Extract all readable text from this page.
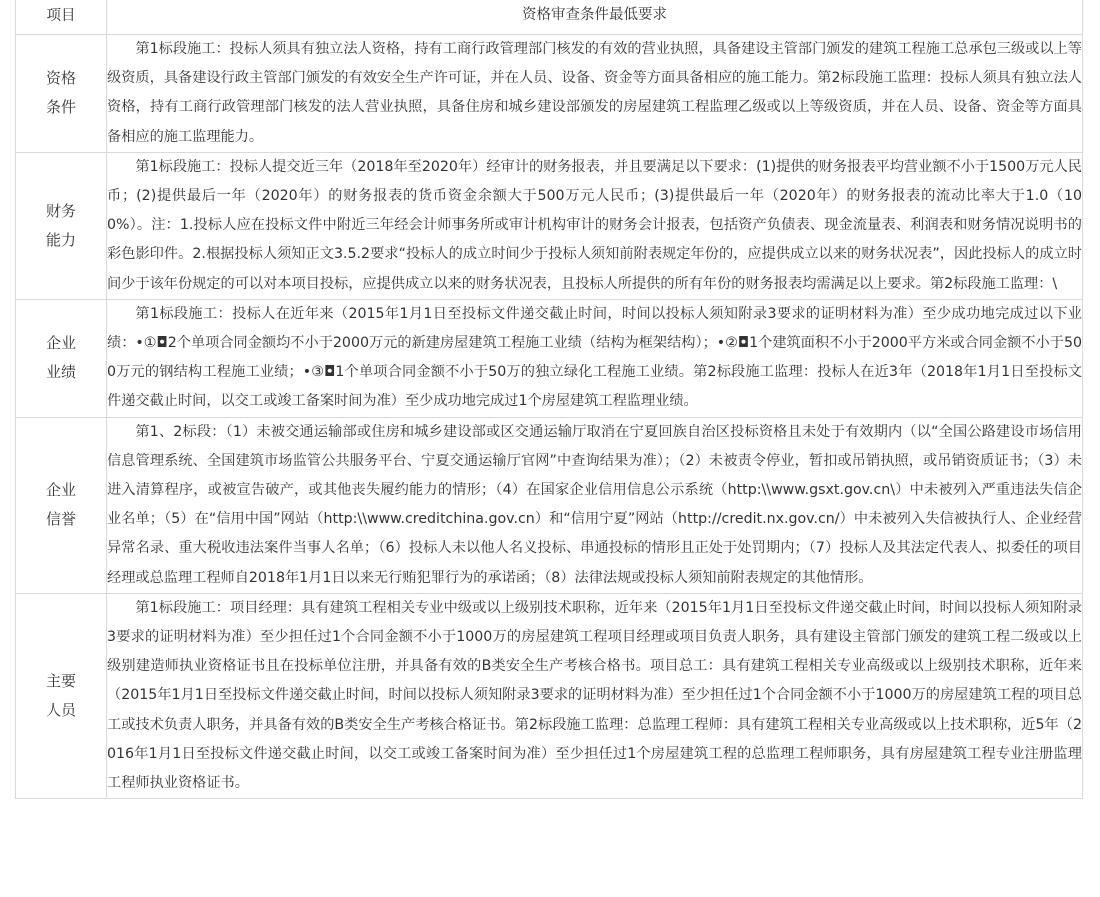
项目	资格审查条件最低要求

资格
条件	第1标段施工：投标人须具有独立法人资格，持有工商行政管理部门核发的有效的营业执照，具备建设主管部门颁发的建筑工程施工总承包三级或以上等级资质，具备建设行政主管部门颁发的有效安全生产许可证，并在人员、设备、资金等方面具备相应的施工能力。第2标段施工监理：投标人须具有独立法人资格，持有工商行政管理部门核发的法人营业执照，具备住房和城乡建设部颁发的房屋建筑工程监理乙级或以上等级资质，并在人员、设备、资金等方面具备相应的施工监理能力。

财务
能力	第1标段施工：投标人提交近三年（2018年至2020年）经审计的财务报表，并且要满足以下要求：(1)提供的财务报表平均营业额不小于1500万元人民币；(2)提供最后一年（2020年）的财务报表的货币资金余额大于500万元人民币；(3)提供最后一年（2020年）的财务报表的流动比率大于1.0（100%）。注：1.投标人应在投标文件中附近三年经会计师事务所或审计机构审计的财务会计报表，包括资产负债表、现金流量表、利润表和财务情况说明书的彩色影印件。2.根据投标人须知正文3.5.2要求“投标人的成立时间少于投标人须知前附表规定年份的，应提供成立以来的财务状况表”，因此投标人的成立时间少于该年份规定的可以对本项目投标，应提供成立以来的财务状况表，且投标人所提供的所有年份的财务报表均需满足以上要求。第2标段施工监理：\

企业
业绩	第1标段施工：投标人在近年来（2015年1月1日至投标文件递交截止时间，时间以投标人须知附录3要求的证明材料为准）至少成功地完成过以下业绩：•①◘2个单项合同金额均不小于2000万元的新建房屋建筑工程施工业绩（结构为框架结构）；•②◘1个建筑面积不小于2000平方米或合同金额不小于500万元的钢结构工程施工业绩；•③◘1个单项合同金额不小于50万的独立绿化工程施工业绩。第2标段施工监理：投标人在近3年（2018年1月1日至投标文件递交截止时间，以交工或竣工备案时间为准）至少成功地完成过1个房屋建筑工程监理业绩。

企业
信誉	第1、2标段：（1）未被交通运输部或住房和城乡建设部或区交通运输厅取消在宁夏回族自治区投标资格且未处于有效期内（以“全国公路建设市场信用信息管理系统、全国建筑市场监管公共服务平台、宁夏交通运输厅官网”中查询结果为准）；（2）未被责令停业，暂扣或吊销执照，或吊销资质证书；（3）未进入清算程序，或被宣告破产，或其他丧失履约能力的情形；（4）在国家企业信用信息公示系统（http:\\www.gsxt.gov.cn\）中未被列入严重违法失信企业名单；（5）在“信用中国”网站（http:\\www.creditchina.gov.cn）和“信用宁夏”网站（http://credit.nx.gov.cn/）中未被列入失信被执行人、企业经营异常名录、重大税收违法案件当事人名单；（6）投标人未以他人名义投标、串通投标的情形且正处于处罚期内；（7）投标人及其法定代表人、拟委任的项目经理或总监理工程师自2018年1月1日以来无行贿犯罪行为的承诺函；（8）法律法规或投标人须知前附表规定的其他情形。

主要
人员	第1标段施工：项目经理：具有建筑工程相关专业中级或以上级别技术职称，近年来（2015年1月1日至投标文件递交截止时间，时间以投标人须知附录3要求的证明材料为准）至少担任过1个合同金额不小于1000万的房屋建筑工程项目经理或项目负责人职务，具有建设主管部门颁发的建筑工程二级或以上级别建造师执业资格证书且在投标单位注册，并具备有效的B类安全生产考核合格书。项目总工：具有建筑工程相关专业高级或以上级别技术职称，近年来（2015年1月1日至投标文件递交截止时间，时间以投标人须知附录3要求的证明材料为准）至少担任过1个合同金额不小于1000万的房屋建筑工程的项目总工或技术负责人职务，并具备有效的B类安全生产考核合格证书。第2标段施工监理：总监理工程师：具有建筑工程相关专业高级或以上技术职称，近5年（2016年1月1日至投标文件递交截止时间，以交工或竣工备案时间为准）至少担任过1个房屋建筑工程的总监理工程师职务，具有房屋建筑工程专业注册监理工程师执业资格证书。
